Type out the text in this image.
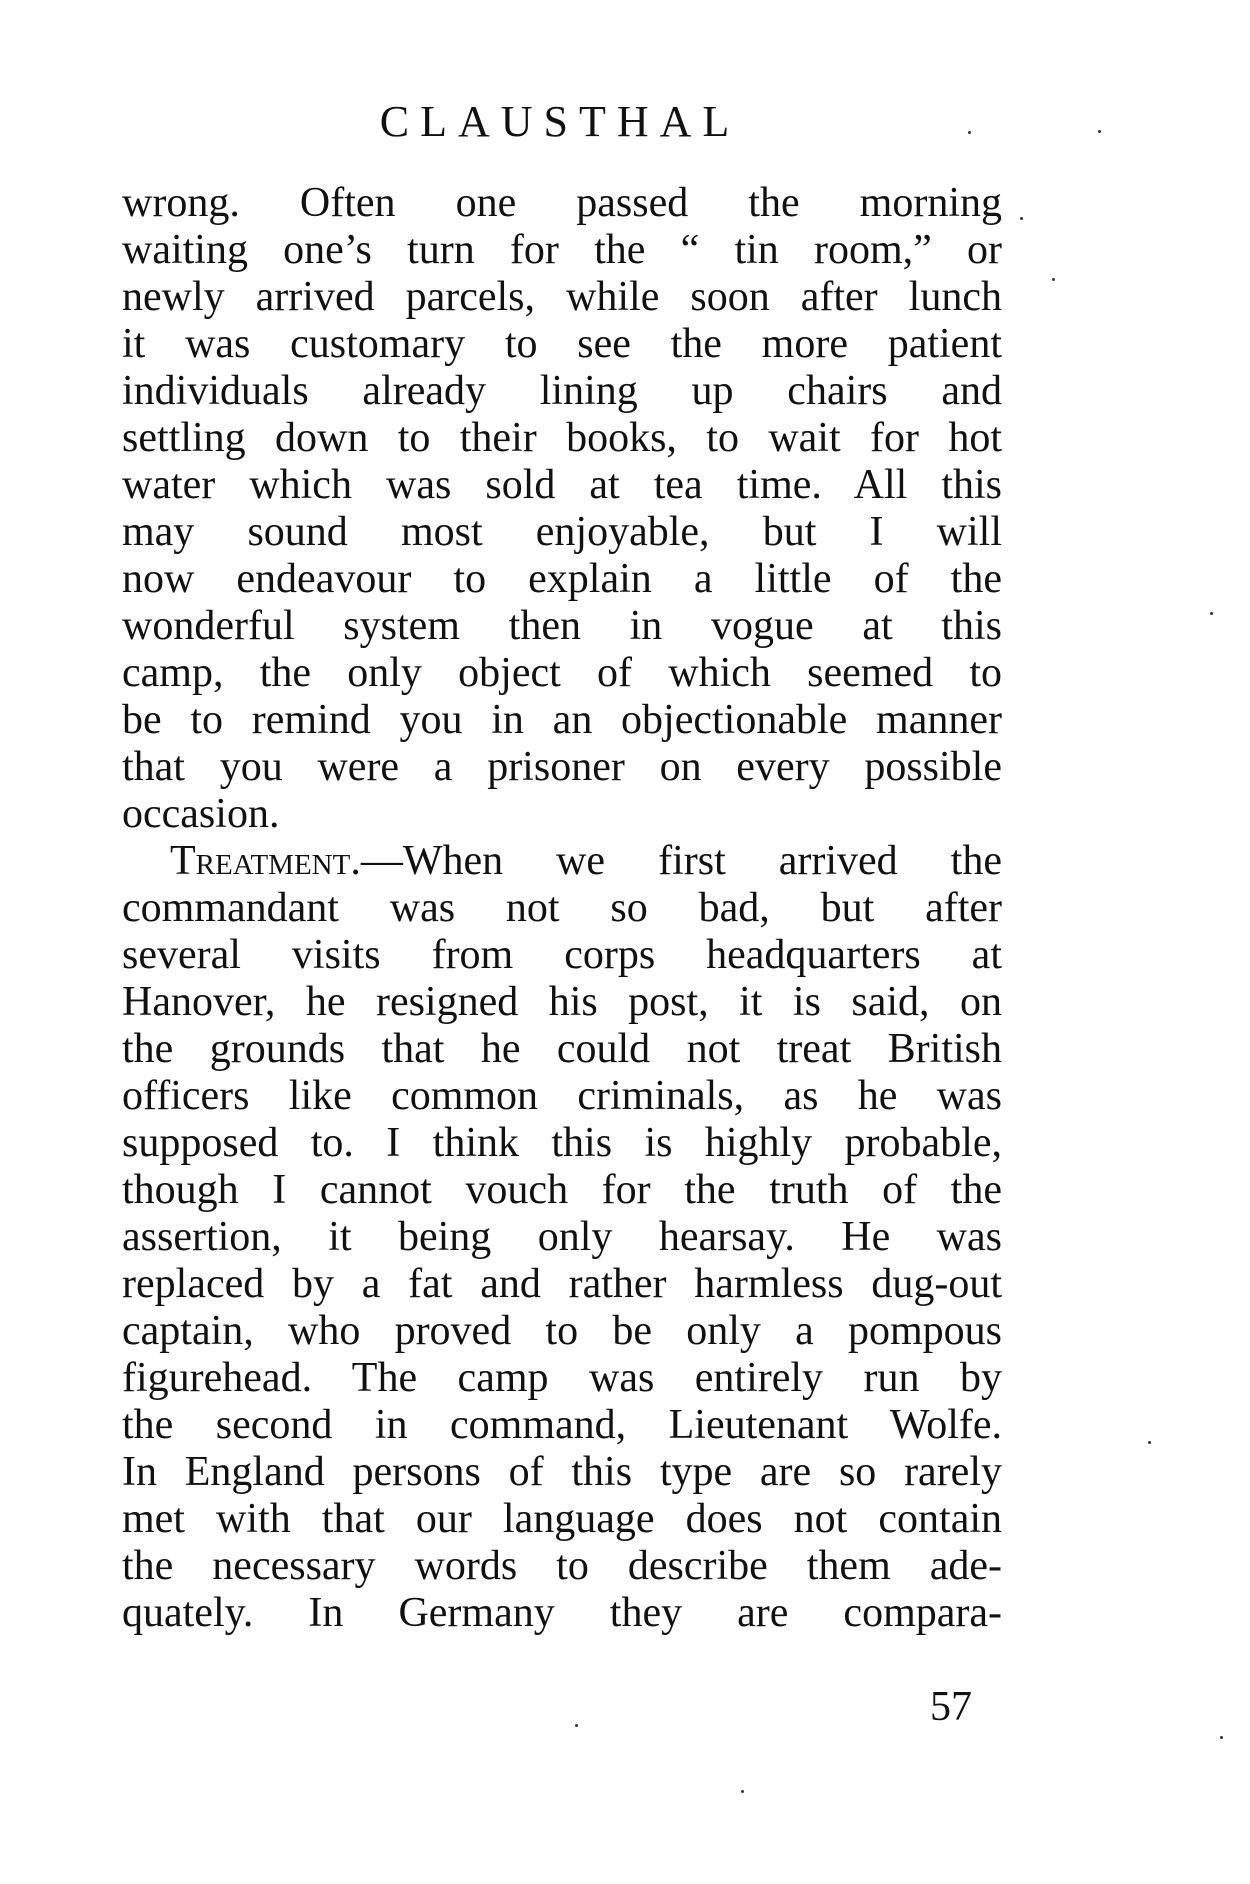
CLAUSTHAL
wrong. Often one passed the morning
waiting one’s turn for the “ tin room,” or
newly arrived parcels, while soon after lunch
it was customary to see the more patient
individuals already lining up chairs and
settling down to their books, to wait for hot
water which was sold at tea time. All this
may sound most enjoyable, but I will
now endeavour to explain a little of the
wonderful system then in vogue at this
camp, the only object of which seemed to
be to remind you in an objectionable manner
that you were a prisoner on every possible
occasion.
Treatment.—When we first arrived the
commandant was not so bad, but after
several visits from corps headquarters at
Hanover, he resigned his post, it is said, on
the grounds that he could not treat British
officers like common criminals, as he was
supposed to. I think this is highly probable,
though I cannot vouch for the truth of the
assertion, it being only hearsay. He was
replaced by a fat and rather harmless dug-out
captain, who proved to be only a pompous
figurehead. The camp was entirely run by
the second in command, Lieutenant Wolfe.
In England persons of this type are so rarely
met with that our language does not contain
the necessary words to describe them ade-
quately. In Germany they are compara-
57
